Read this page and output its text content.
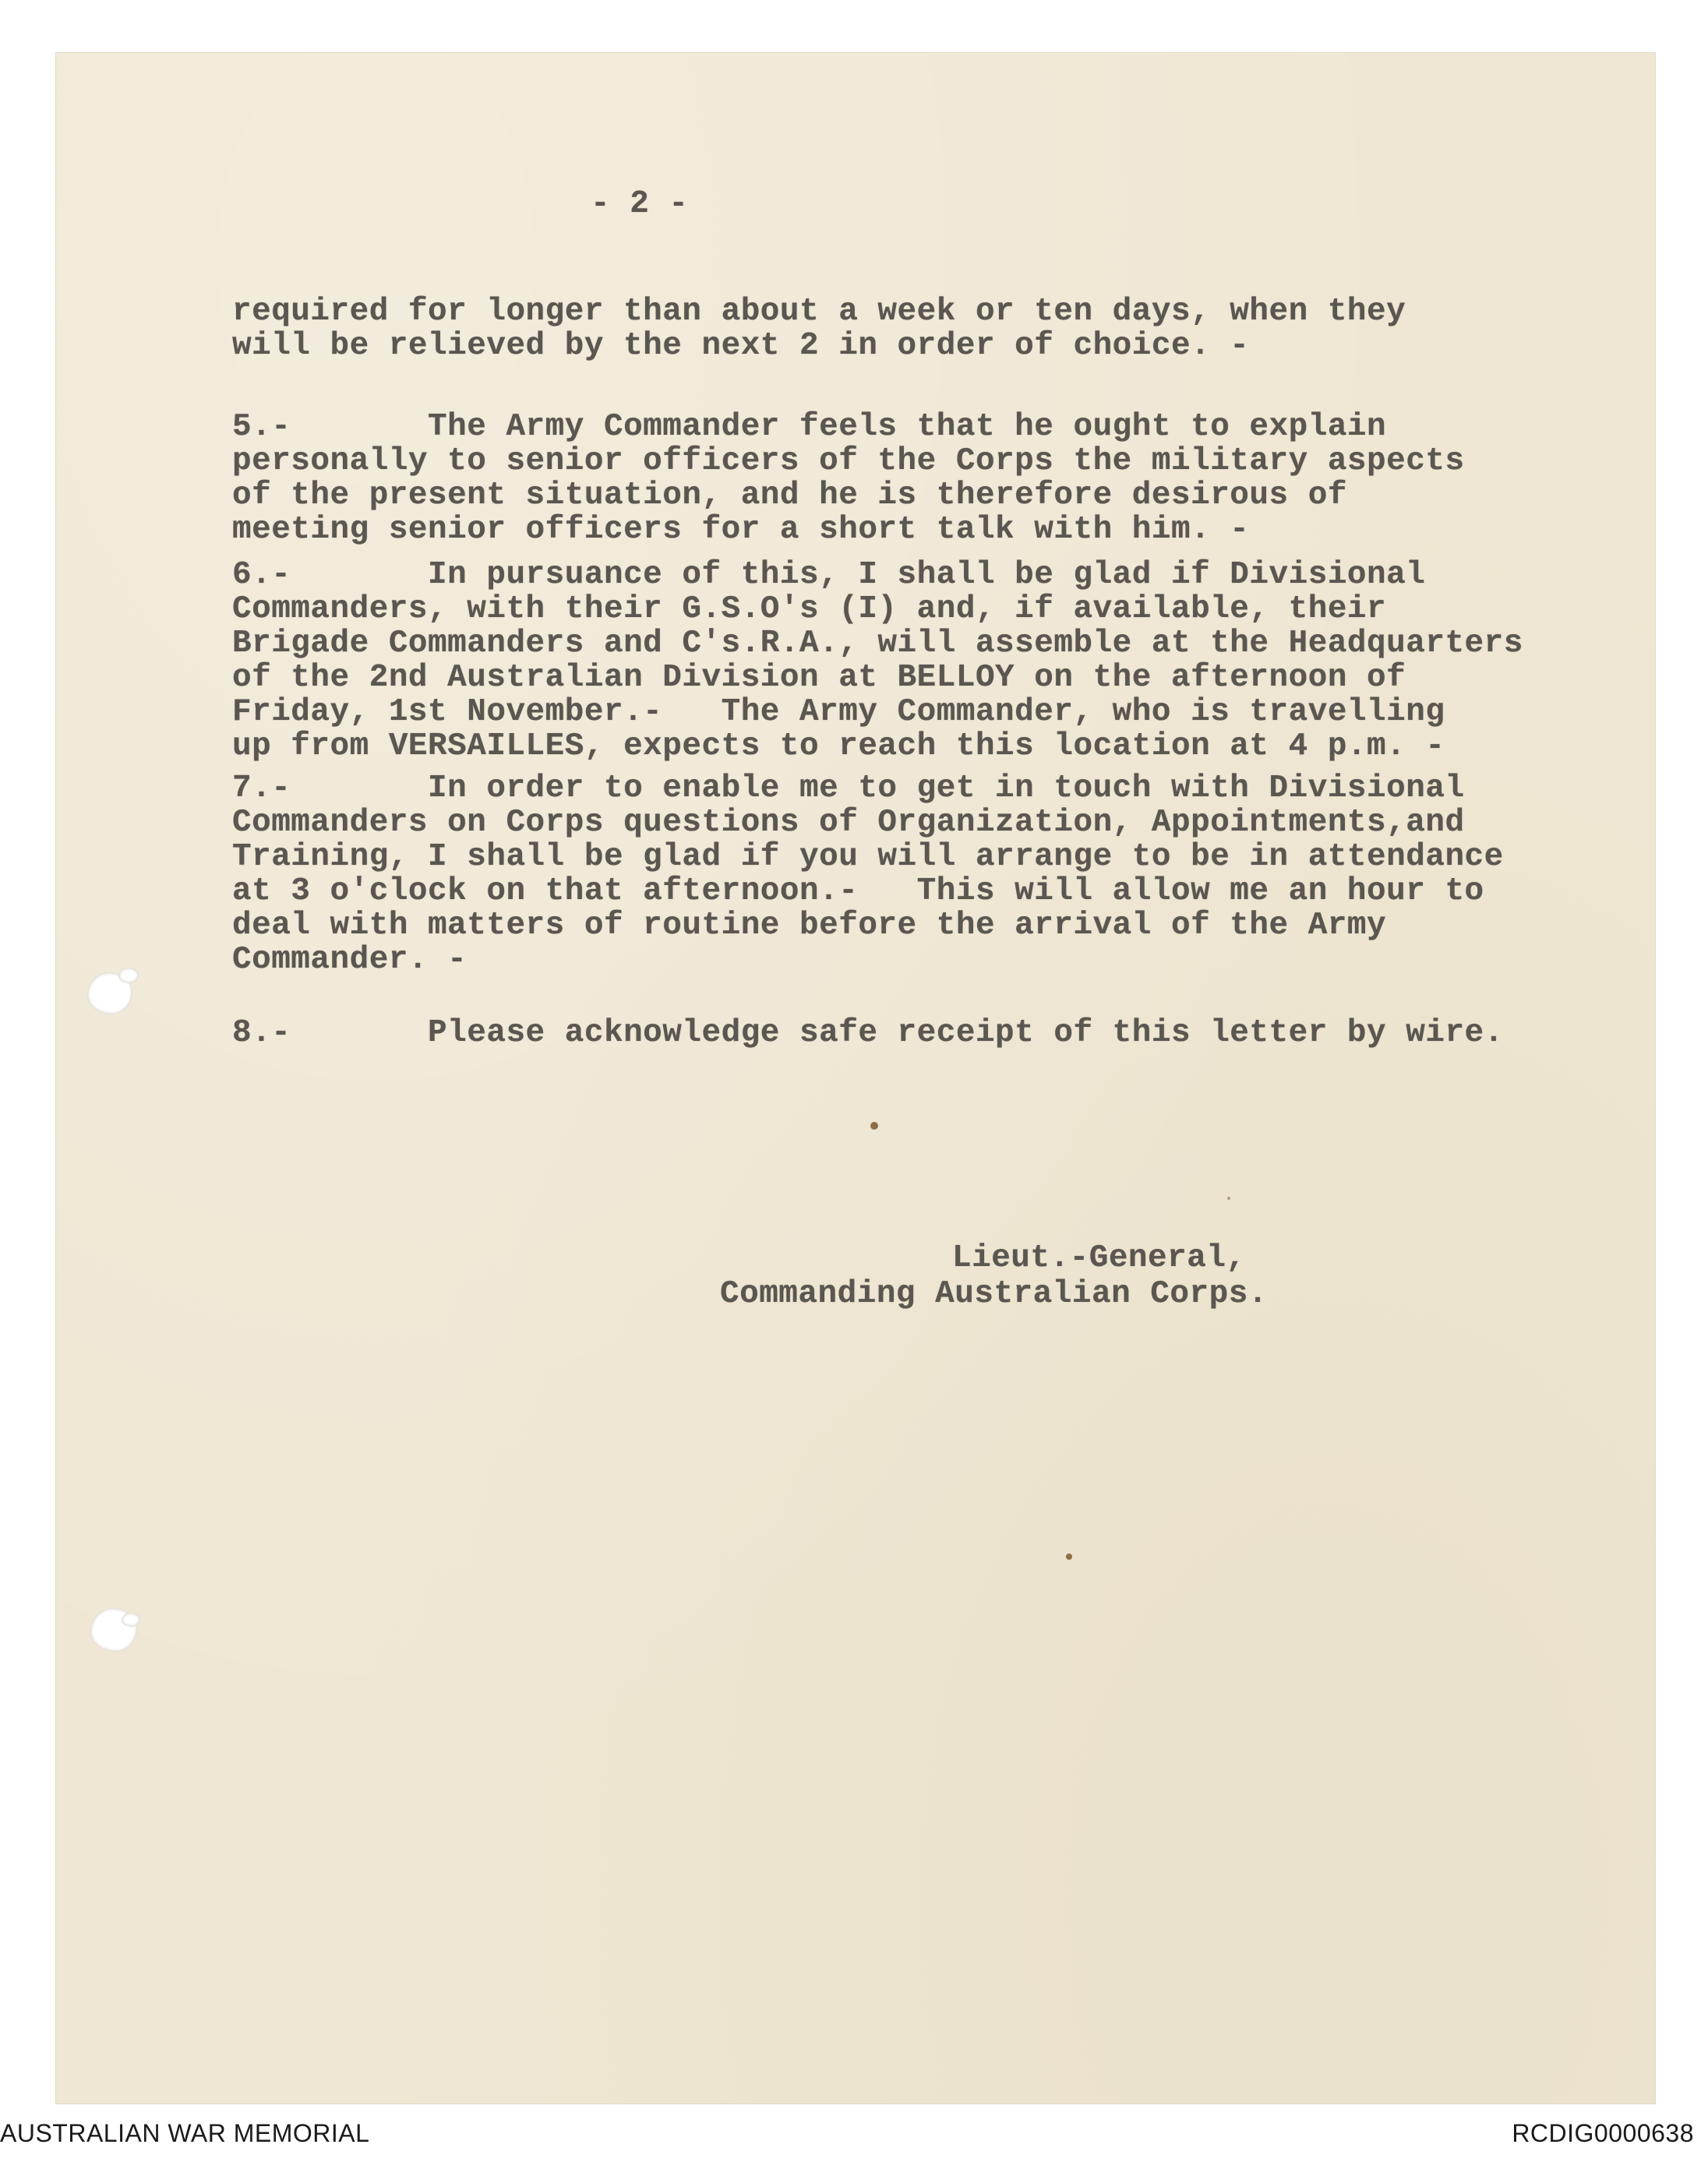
- 2 -
required for longer than about a week or ten days, when they
will be relieved by the next 2 in order of choice. -
5.-       The Army Commander feels that he ought to explain
personally to senior officers of the Corps the military aspects
of the present situation, and he is therefore desirous of
meeting senior officers for a short talk with him. -
6.-       In pursuance of this, I shall be glad if Divisional
Commanders, with their G.S.O's (I) and, if available, their
Brigade Commanders and C's.R.A., will assemble at the Headquarters
of the 2nd Australian Division at BELLOY on the afternoon of
Friday, 1st November.-   The Army Commander, who is travelling
up from VERSAILLES, expects to reach this location at 4 p.m. -
7.-       In order to enable me to get in touch with Divisional
Commanders on Corps questions of Organization, Appointments,and
Training, I shall be glad if you will arrange to be in attendance
at 3 o'clock on that afternoon.-   This will allow me an hour to
deal with matters of routine before the arrival of the Army
Commander. -
8.-       Please acknowledge safe receipt of this letter by wire.
Lieut.-General,
Commanding Australian Corps.
AUSTRALIAN WAR MEMORIAL	RCDIG0000638
